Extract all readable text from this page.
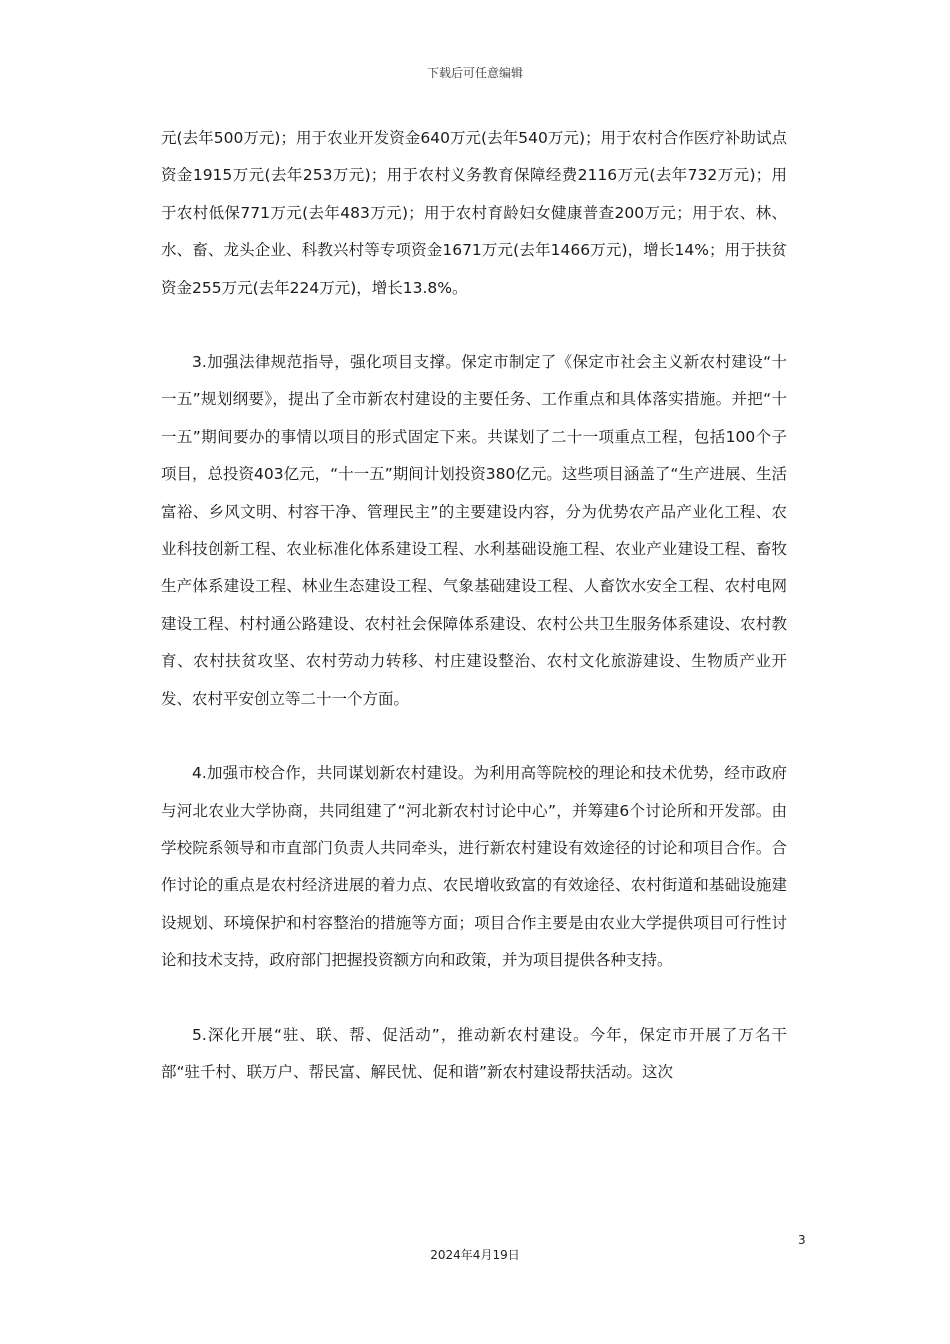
下载后可任意编辑

元(去年500万元)；用于农业开发资金640万元(去年540万元)；用于农村合作医疗补助试点资金1915万元(去年253万元)；用于农村义务教育保障经费2116万元(去年732万元)；用于农村低保771万元(去年483万元)；用于农村育龄妇女健康普查200万元；用于农、林、水、畜、龙头企业、科教兴村等专项资金1671万元(去年1466万元)，增长14%；用于扶贫资金255万元(去年224万元)，增长13.8%。

3.加强法律规范指导，强化项目支撑。保定市制定了《保定市社会主义新农村建设“十一五”规划纲要》，提出了全市新农村建设的主要任务、工作重点和具体落实措施。并把“十一五”期间要办的事情以项目的形式固定下来。共谋划了二十一项重点工程，包括100个子项目，总投资403亿元，“十一五”期间计划投资380亿元。这些项目涵盖了“生产进展、生活富裕、乡风文明、村容干净、管理民主”的主要建设内容，分为优势农产品产业化工程、农业科技创新工程、农业标准化体系建设工程、水利基础设施工程、农业产业建设工程、畜牧生产体系建设工程、林业生态建设工程、气象基础建设工程、人畜饮水安全工程、农村电网建设工程、村村通公路建设、农村社会保障体系建设、农村公共卫生服务体系建设、农村教育、农村扶贫攻坚、农村劳动力转移、村庄建设整治、农村文化旅游建设、生物质产业开发、农村平安创立等二十一个方面。

4.加强市校合作，共同谋划新农村建设。为利用高等院校的理论和技术优势，经市政府与河北农业大学协商，共同组建了“河北新农村讨论中心”，并筹建6个讨论所和开发部。由学校院系领导和市直部门负责人共同牵头，进行新农村建设有效途径的讨论和项目合作。合作讨论的重点是农村经济进展的着力点、农民增收致富的有效途径、农村街道和基础设施建设规划、环境保护和村容整治的措施等方面；项目合作主要是由农业大学提供项目可行性讨论和技术支持，政府部门把握投资额方向和政策，并为项目提供各种支持。

5.深化开展“驻、联、帮、促活动”，推动新农村建设。今年，保定市开展了万名干部“驻千村、联万户、帮民富、解民忧、促和谐”新农村建设帮扶活动。这次

3
2024年4月19日
